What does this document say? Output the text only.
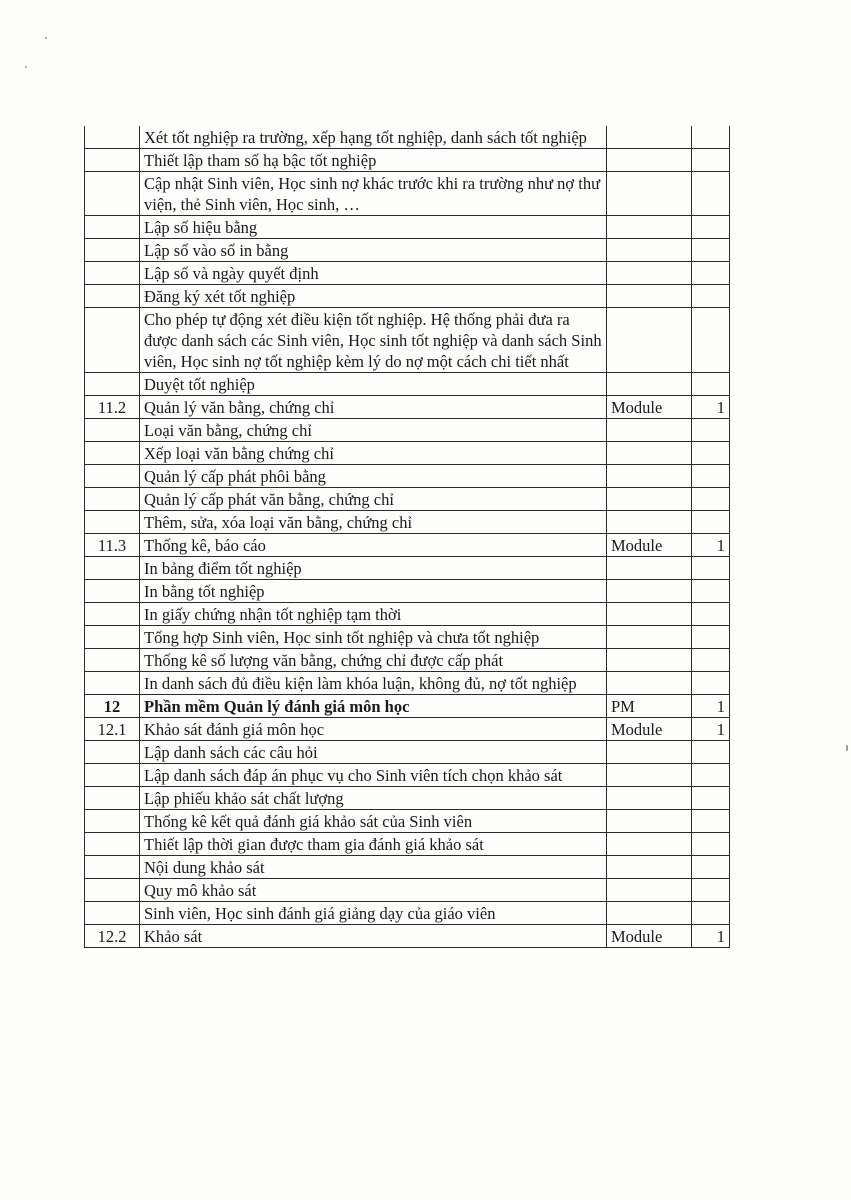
	Xét tốt nghiệp ra trường, xếp hạng tốt nghiệp, danh sách tốt nghiệp		
	Thiết lập tham số hạ bậc tốt nghiệp		
	Cập nhật Sinh viên, Học sinh nợ khác trước khi ra trường như nợ thư viện, thẻ Sinh viên, Học sinh, …		
	Lập số hiệu bằng		
	Lập số vào số in bằng		
	Lập số và ngày quyết định		
	Đăng ký xét tốt nghiệp		
	Cho phép tự động xét điều kiện tốt nghiệp. Hệ thống phải đưa ra được danh sách các Sinh viên, Học sinh tốt nghiệp và danh sách Sinh viên, Học sinh nợ tốt nghiệp kèm lý do nợ một cách chi tiết nhất		
	Duyệt tốt nghiệp		
11.2	Quản lý văn bằng, chứng chỉ	Module	1
	Loại văn bằng, chứng chỉ		
	Xếp loại văn bằng chứng chỉ		
	Quản lý cấp phát phôi bằng		
	Quản lý cấp phát văn bằng, chứng chỉ		
	Thêm, sửa, xóa loại văn bằng, chứng chỉ		
11.3	Thống kê, báo cáo	Module	1
	In bảng điểm tốt nghiệp		
	In bằng tốt nghiệp		
	In giấy chứng nhận tốt nghiệp tạm thời		
	Tổng hợp Sinh viên, Học sinh tốt nghiệp và chưa tốt nghiệp		
	Thống kê số lượng văn bằng, chứng chỉ được cấp phát		
	In danh sách đủ điều kiện làm khóa luận, không đủ, nợ tốt nghiệp		
12	Phần mềm Quản lý đánh giá môn học	PM	1
12.1	Khảo sát đánh giá môn học	Module	1
	Lập danh sách các câu hỏi		
	Lập danh sách đáp án phục vụ cho Sinh viên tích chọn khảo sát		
	Lập phiếu khảo sát chất lượng		
	Thống kê kết quả đánh giá khảo sát của Sinh viên		
	Thiết lập thời gian được tham gia đánh giá khảo sát		
	Nội dung khảo sát		
	Quy mô khảo sát		
	Sinh viên, Học sinh đánh giá giảng dạy của giáo viên		
12.2	Khảo sát	Module	1
